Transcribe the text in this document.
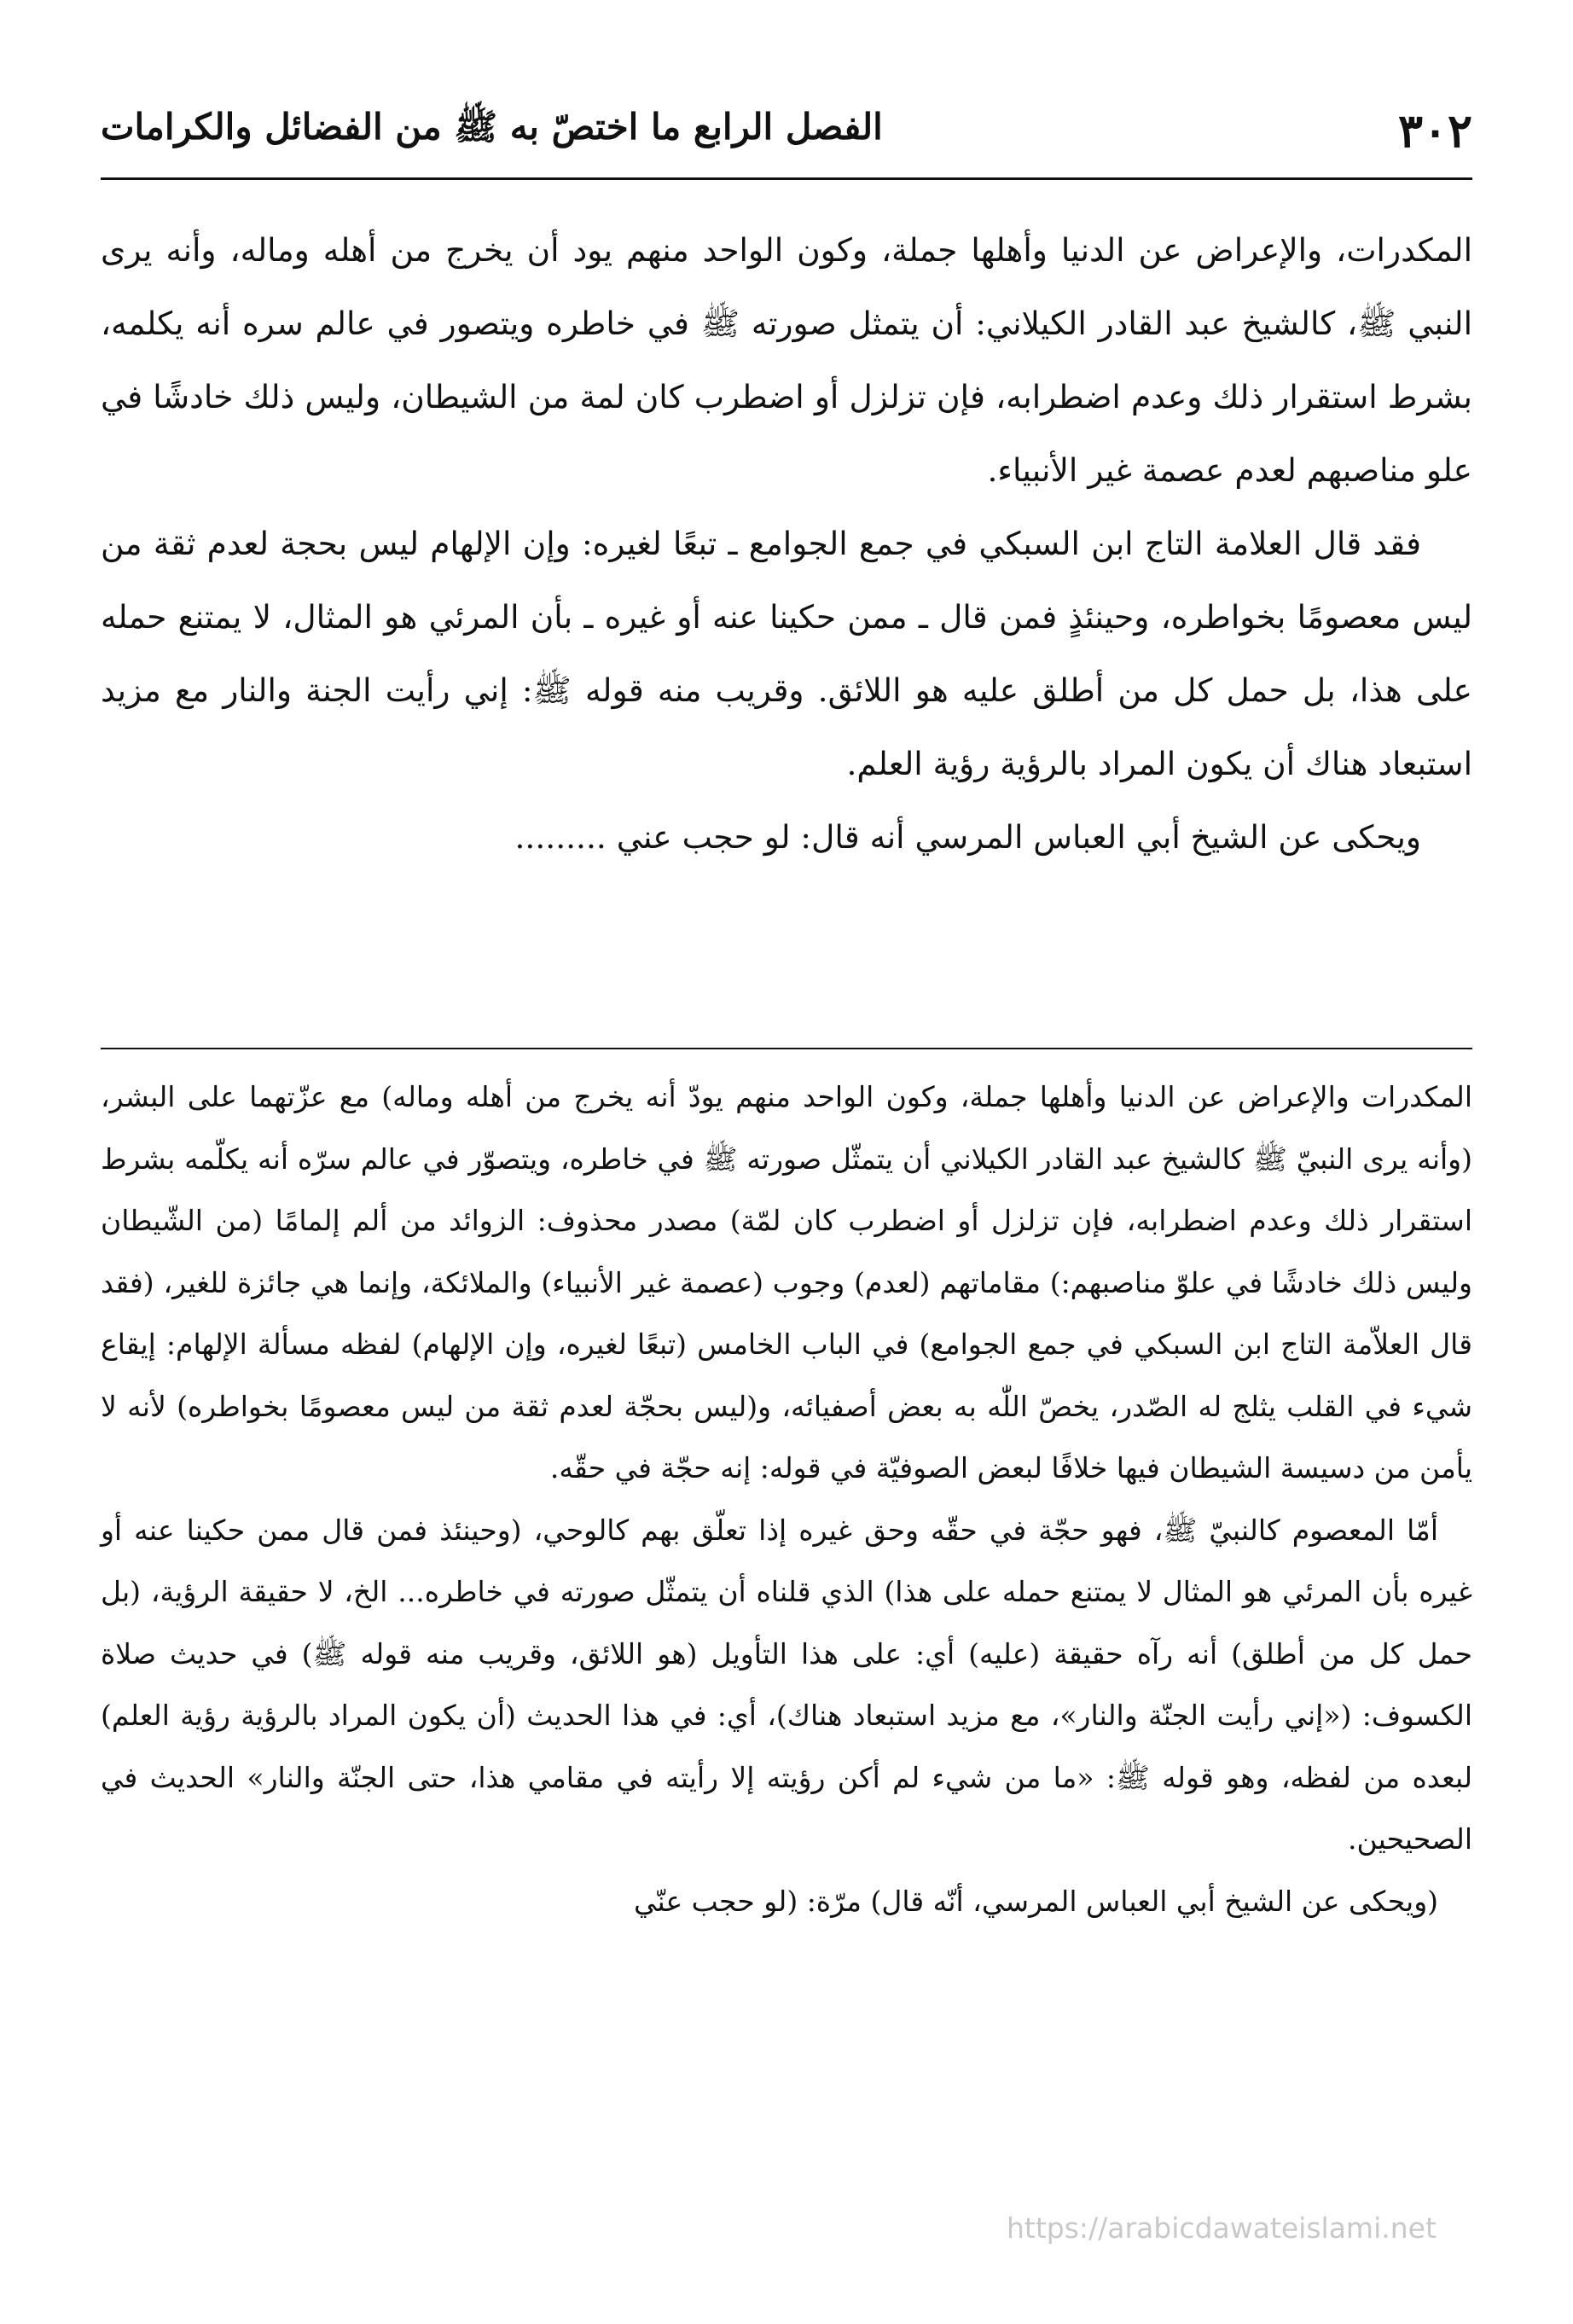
٣٠٢
الفصل الرابع ما اختصّ به ﷺ من الفضائل والكرامات

المكدرات، والإعراض عن الدنيا وأهلها جملة، وكون الواحد منهم يود أن يخرج من أهله وماله، وأنه يرى النبي ﷺ، كالشيخ عبد القادر الكيلاني: أن يتمثل صورته ﷺ في خاطره ويتصور في عالم سره أنه يكلمه، بشرط استقرار ذلك وعدم اضطرابه، فإن تزلزل أو اضطرب كان لمة من الشيطان، وليس ذلك خادشًا في علو مناصبهم لعدم عصمة غير الأنبياء.

فقد قال العلامة التاج ابن السبكي في جمع الجوامع ـ تبعًا لغيره: وإن الإلهام ليس بحجة لعدم ثقة من ليس معصومًا بخواطره، وحينئذٍ فمن قال ـ ممن حكينا عنه أو غيره ـ بأن المرئي هو المثال، لا يمتنع حمله على هذا، بل حمل كل من أطلق عليه هو اللائق. وقريب منه قوله ﷺ: إني رأيت الجنة والنار مع مزيد استبعاد هناك أن يكون المراد بالرؤية رؤية العلم.

ويحكى عن الشيخ أبي العباس المرسي أنه قال: لو حجب عني .........

المكدرات والإعراض عن الدنيا وأهلها جملة، وكون الواحد منهم يودّ أنه يخرج من أهله وماله) مع عزّتهما على البشر، (وأنه يرى النبيّ ﷺ كالشيخ عبد القادر الكيلاني أن يتمثّل صورته ﷺ في خاطره، ويتصوّر في عالم سرّه أنه يكلّمه بشرط استقرار ذلك وعدم اضطرابه، فإن تزلزل أو اضطرب كان لمّة) مصدر محذوف: الزوائد من ألم إلمامًا (من الشّيطان وليس ذلك خادشًا في علوّ مناصبهم:) مقاماتهم (لعدم) وجوب (عصمة غير الأنبياء) والملائكة، وإنما هي جائزة للغير، (فقد قال العلاّمة التاج ابن السبكي في جمع الجوامع) في الباب الخامس (تبعًا لغيره، وإن الإلهام) لفظه مسألة الإلهام: إيقاع شيء في القلب يثلج له الصّدر، يخصّ اللّٰه به بعض أصفيائه، و(ليس بحجّة لعدم ثقة من ليس معصومًا بخواطره) لأنه لا يأمن من دسيسة الشيطان فيها خلافًا لبعض الصوفيّة في قوله: إنه حجّة في حقّه.

أمّا المعصوم كالنبيّ ﷺ، فهو حجّة في حقّه وحق غيره إذا تعلّق بهم كالوحي، (وحينئذ فمن قال ممن حكينا عنه أو غيره بأن المرئي هو المثال لا يمتنع حمله على هذا) الذي قلناه أن يتمثّل صورته في خاطره... الخ، لا حقيقة الرؤية، (بل حمل كل من أطلق) أنه رآه حقيقة (عليه) أي: على هذا التأويل (هو اللائق، وقريب منه قوله ﷺ) في حديث صلاة الكسوف: («إني رأيت الجنّة والنار»، مع مزيد استبعاد هناك)، أي: في هذا الحديث (أن يكون المراد بالرؤية رؤية العلم) لبعده من لفظه، وهو قوله ﷺ: «ما من شيء لم أكن رؤيته إلا رأيته في مقامي هذا، حتى الجنّة والنار» الحديث في الصحيحين.

(ويحكى عن الشيخ أبي العباس المرسي، أنّه قال) مرّة: (لو حجب عنّي

https://arabicdawateislami.net
